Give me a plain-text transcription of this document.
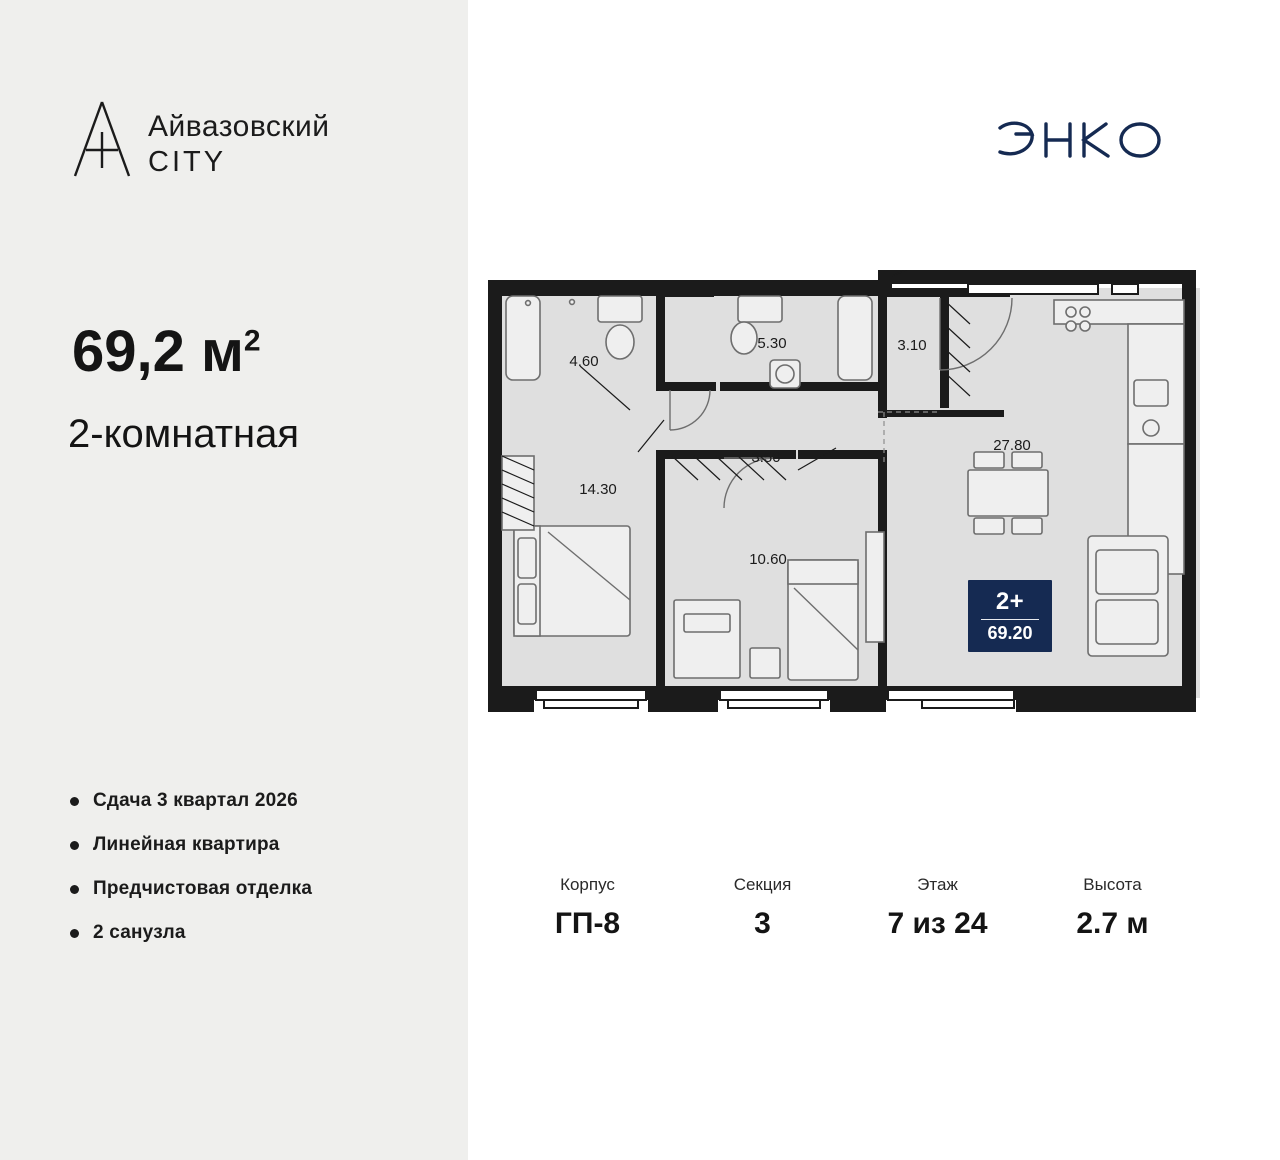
Айвазовский
CITY
69,2 $м^2$
2-комнатная
Сдача 3 квартал 2026
Линейная квартира
Предчистовая отделка
2 санузла
4.60
5.30	3.10
3.50
14.30
10.60
27.80
2+
69.20
Корпус
ГП-8
Секция
3
Этаж
7 из 24
Высота
2.7 м
